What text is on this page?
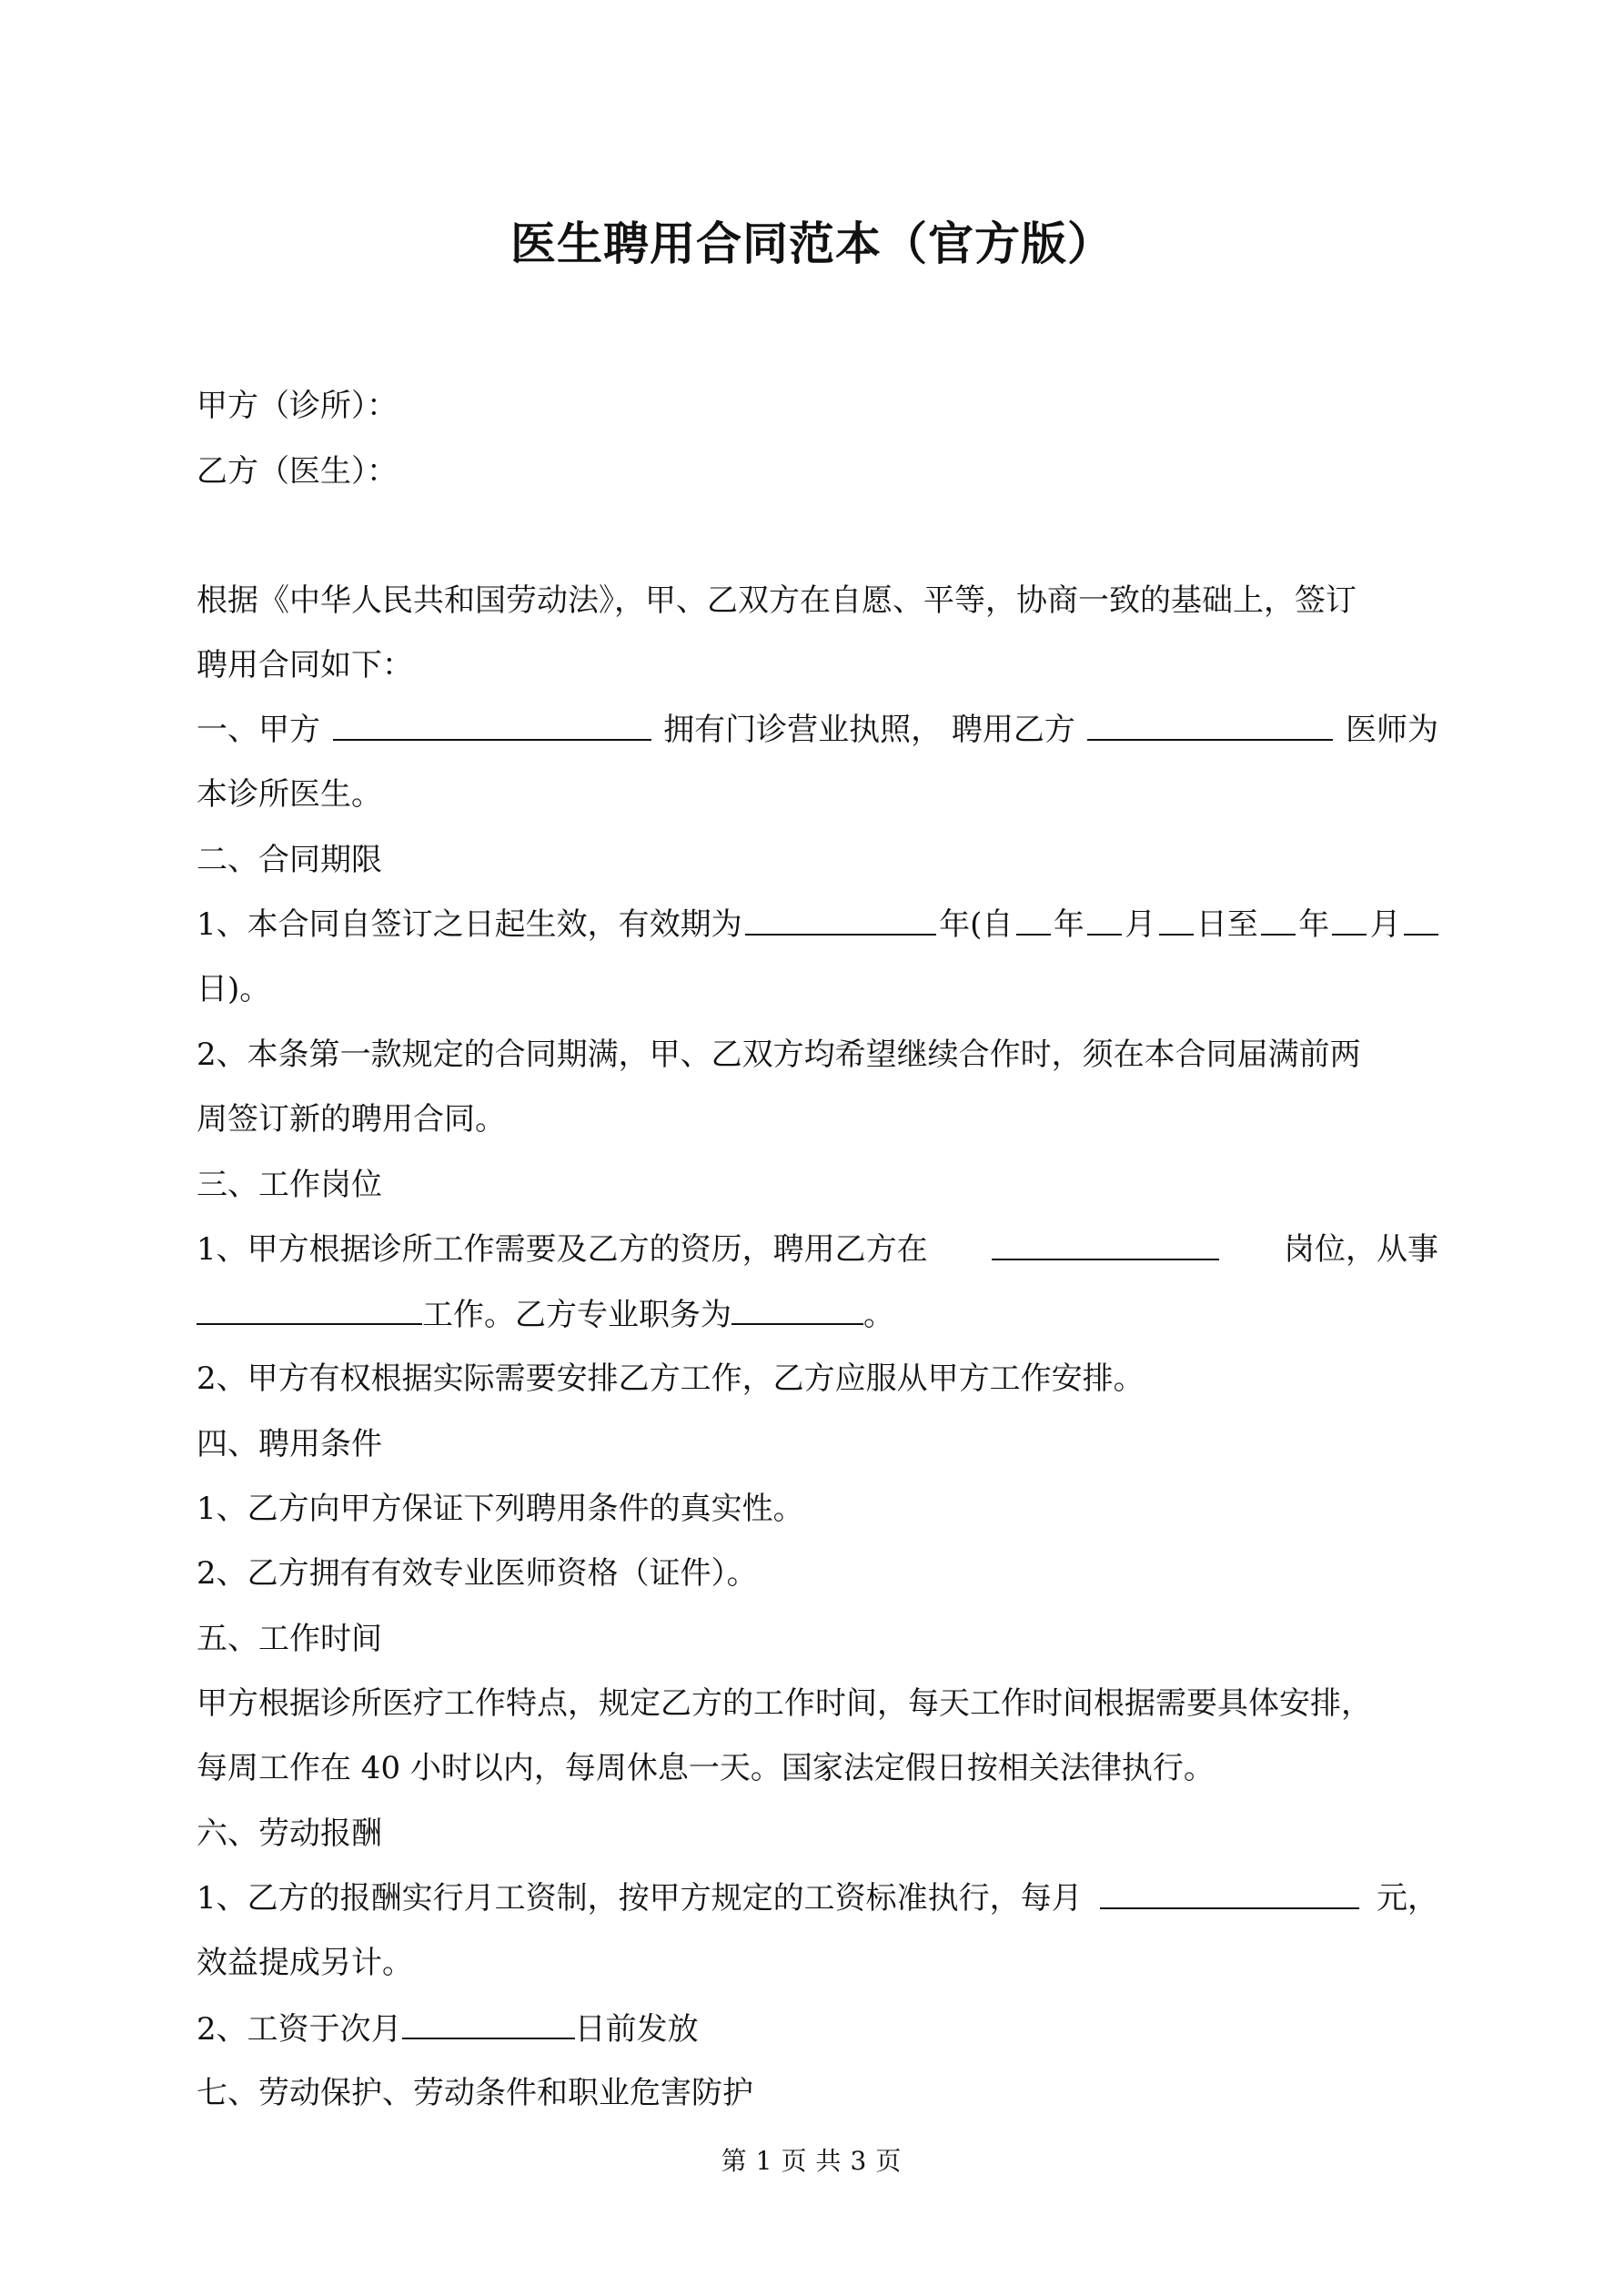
医生聘用合同范本（官方版）
甲方（诊所）：
乙方（医生）：
根据《中华人民共和国劳动法》，甲、乙双方在自愿、平等，协商一致的基础上，签订
聘用合同如下：
一、甲方	拥有门诊营业执照， 聘用乙方	医师为
本诊所医生。
二、合同期限
1、本合同自签订之日起生效，有效期为	年(自 年 月 日至 年 月
日)。
2、本条第一款规定的合同期满，甲、乙双方均希望继续合作时，须在本合同届满前两
周签订新的聘用合同。
三、工作岗位
1、甲方根据诊所工作需要及乙方的资历，聘用乙方在	岗位，从事
工作。乙方专业职务为	。
2、甲方有权根据实际需要安排乙方工作，乙方应服从甲方工作安排。
四、聘用条件
1、乙方向甲方保证下列聘用条件的真实性。
2、乙方拥有有效专业医师资格（证件）。
五、工作时间
甲方根据诊所医疗工作特点，规定乙方的工作时间，每天工作时间根据需要具体安排，
每周工作在 40 小时以内，每周休息一天。国家法定假日按相关法律执行。
六、劳动报酬
1、乙方的报酬实行月工资制，按甲方规定的工资标准执行，每月	元，
效益提成另计。
2、工资于次月	日前发放
七、劳动保护、劳动条件和职业危害防护
第 1 页 共 3 页
